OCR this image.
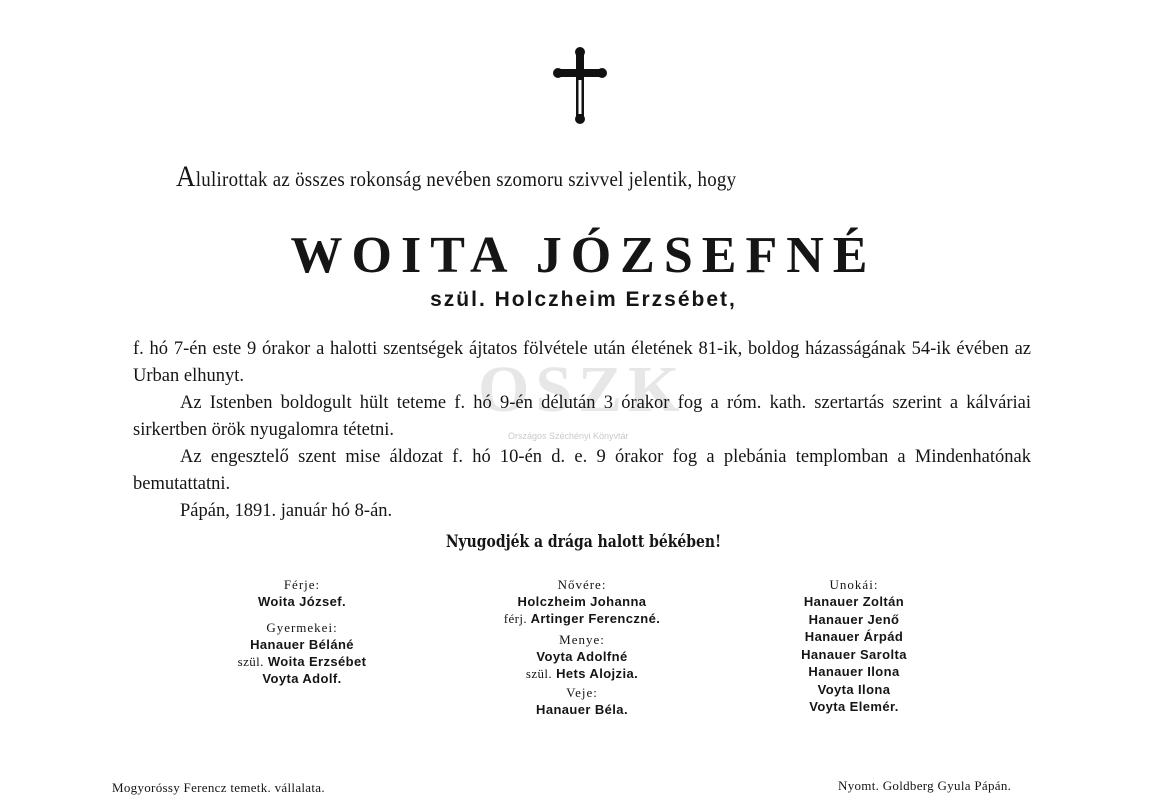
OSZK
Országos Széchényi Könyvtár
Alulirottak az összes rokonság nevében szomoru szivvel jelentik, hogy
WOITA JÓZSEFNÉ
szül. Holczheim Erzsébet,

f. hó 7-én este 9 órakor a halotti szentségek ájtatos fölvétele után életének 81-ik, boldog házasságának 54-ik évében az Urban elhunyt.

Az Istenben boldogult hült teteme f. hó 9-én délután 3 órakor fog a róm. kath. szertartás szerint a kálváriai sirkertben örök nyugalomra tétetni.

Az engesztelő szent mise áldozat f. hó 10-én d. e. 9 órakor fog a plebánia templomban a Mindenhatónak bemutattatni.

Pápán, 1891. január hó 8-án.

Nyugodjék a drága halott békében!
Férje:
Woita József.
Gyermekei:
Hanauer Béláné
szül. Woita Erzsébet
Voyta Adolf.
Nővére:
Holczheim Johanna
férj. Artinger Ferenczné.
Menye:
Voyta Adolfné
szül. Hets Alojzia.
Veje:
Hanauer Béla.
Unokái:
Hanauer Zoltán
Hanauer Jenő
Hanauer Árpád
Hanauer Sarolta
Hanauer Ilona
Voyta Ilona
Voyta Elemér.
Mogyoróssy Ferencz temetk. vállalata.	Nyomt. Goldberg Gyula Pápán.
